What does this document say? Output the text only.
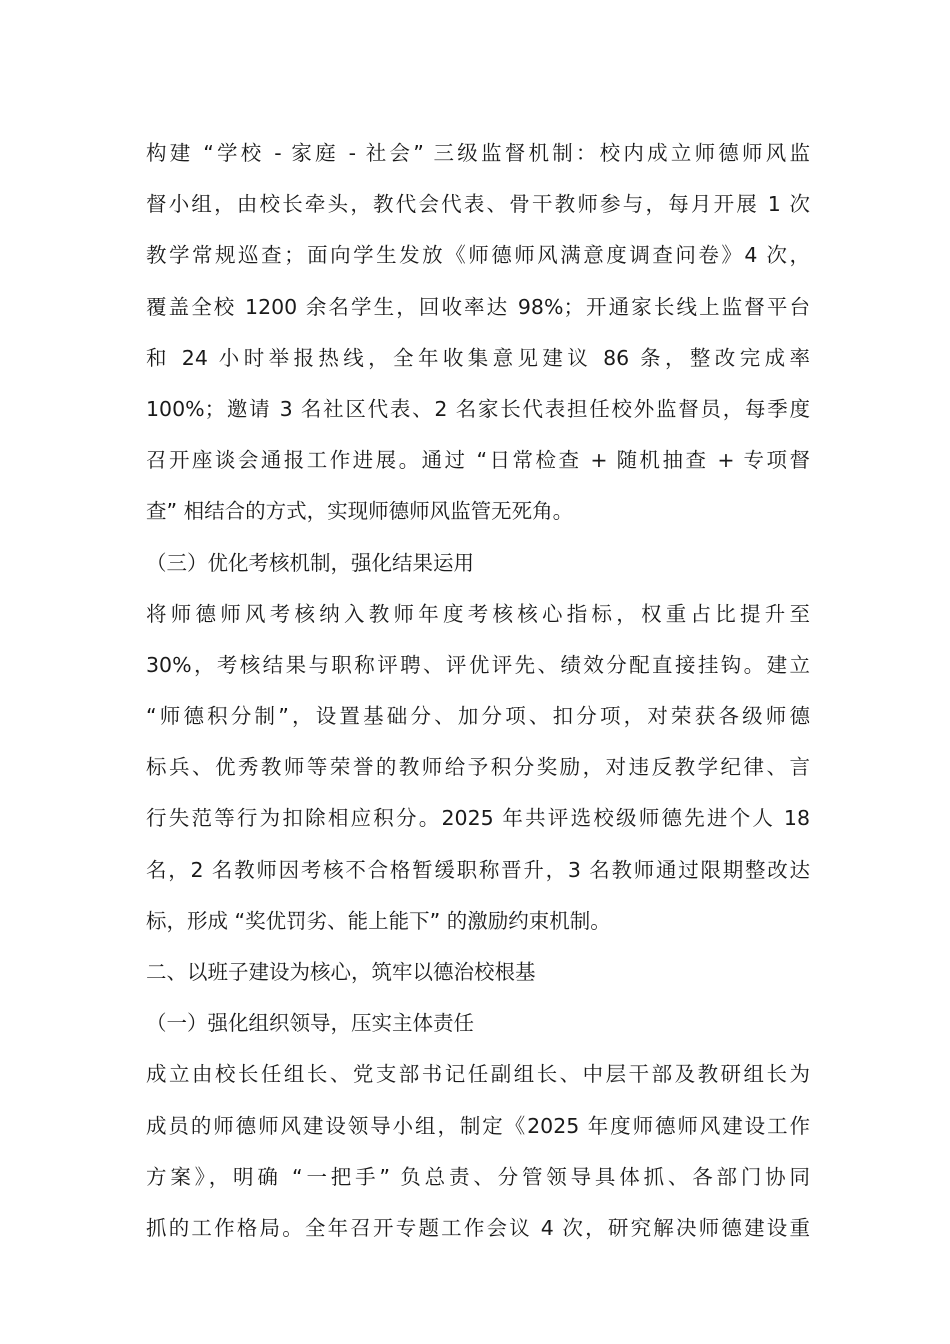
构建 “学校 - 家庭 - 社会” 三级监督机制：校内成立师德师风监
督小组，由校长牵头，教代会代表、骨干教师参与，每月开展 1 次
教学常规巡查；面向学生发放《师德师风满意度调查问卷》4 次，
覆盖全校 1200 余名学生，回收率达 98%；开通家长线上监督平台
和 24 小时举报热线，全年收集意见建议 86 条，整改完成率
100%；邀请 3 名社区代表、2 名家长代表担任校外监督员，每季度
召开座谈会通报工作进展。通过 “日常检查 + 随机抽查 + 专项督
查” 相结合的方式，实现师德师风监管无死角。
（三）优化考核机制，强化结果运用
将师德师风考核纳入教师年度考核核心指标，权重占比提升至
30%，考核结果与职称评聘、评优评先、绩效分配直接挂钩。建立
“师德积分制”，设置基础分、加分项、扣分项，对荣获各级师德
标兵、优秀教师等荣誉的教师给予积分奖励，对违反教学纪律、言
行失范等行为扣除相应积分。2025 年共评选校级师德先进个人 18
名，2 名教师因考核不合格暂缓职称晋升，3 名教师通过限期整改达
标，形成 “奖优罚劣、能上能下” 的激励约束机制。
二、以班子建设为核心，筑牢以德治校根基
（一）强化组织领导，压实主体责任
成立由校长任组长、党支部书记任副组长、中层干部及教研组长为
成员的师德师风建设领导小组，制定《2025 年度师德师风建设工作
方案》，明确 “一把手” 负总责、分管领导具体抓、各部门协同
抓的工作格局。全年召开专题工作会议 4 次，研究解决师德建设重
